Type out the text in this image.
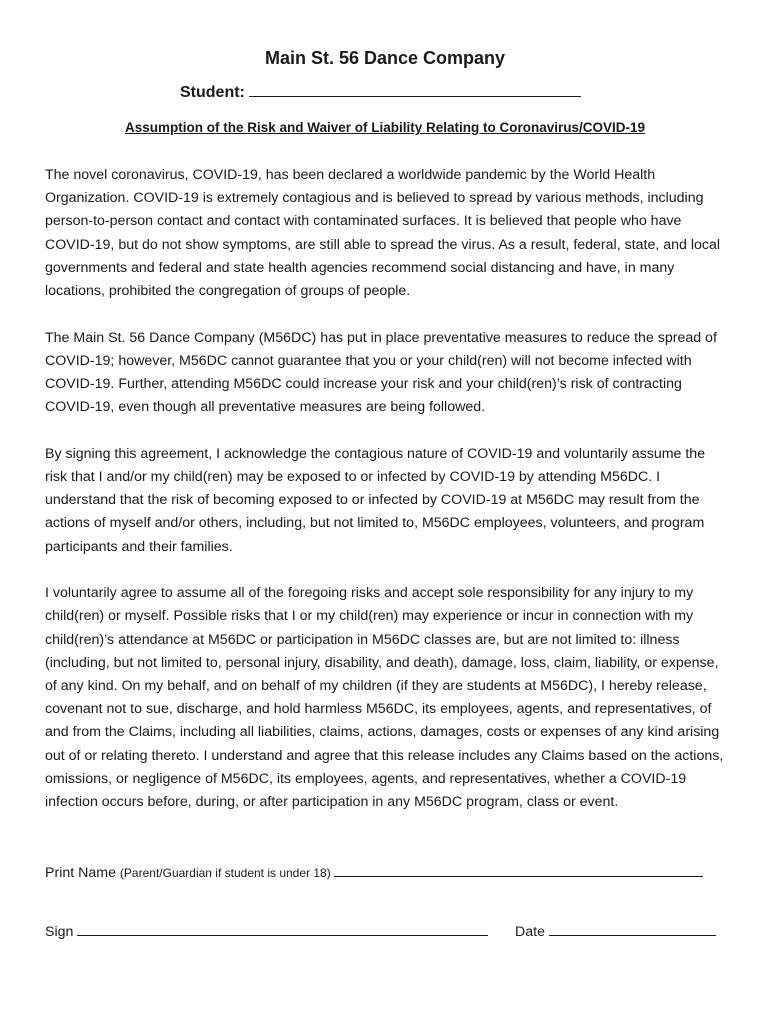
Main St. 56 Dance Company
Student:
Assumption of the Risk and Waiver of Liability Relating to Coronavirus/COVID-19

The novel coronavirus, COVID-19, has been declared a worldwide pandemic by the World Health Organization. COVID-19 is extremely contagious and is believed to spread by various methods, including person-to-person contact and contact with contaminated surfaces. It is believed that people who have COVID-19, but do not show symptoms, are still able to spread the virus. As a result, federal, state, and local governments and federal and state health agencies recommend social distancing and have, in many locations, prohibited the congregation of groups of people.

The Main St. 56 Dance Company (M56DC) has put in place preventative measures to reduce the spread of COVID-19; however, M56DC cannot guarantee that you or your child(ren) will not become infected with COVID-19. Further, attending M56DC could increase your risk and your child(ren)’s risk of contracting COVID-19, even though all preventative measures are being followed.

By signing this agreement, I acknowledge the contagious nature of COVID-19 and voluntarily assume the risk that I and/or my child(ren) may be exposed to or infected by COVID-19 by attending M56DC. I understand that the risk of becoming exposed to or infected by COVID-19 at M56DC may result from the actions of myself and/or others, including, but not limited to, M56DC employees, volunteers, and program participants and their families.

I voluntarily agree to assume all of the foregoing risks and accept sole responsibility for any injury to my child(ren) or myself. Possible risks that I or my child(ren) may experience or incur in connection with my child(ren)’s attendance at M56DC or participation in M56DC classes are, but are not limited to: illness (including, but not limited to, personal injury, disability, and death), damage, loss, claim, liability, or expense, of any kind. On my behalf, and on behalf of my children (if they are students at M56DC), I hereby release, covenant not to sue, discharge, and hold harmless M56DC, its employees, agents, and representatives, of and from the Claims, including all liabilities, claims, actions, damages, costs or expenses of any kind arising out of or relating thereto. I understand and agree that this release includes any Claims based on the actions, omissions, or negligence of M56DC, its employees, agents, and representatives, whether a COVID-19 infection occurs before, during, or after participation in any M56DC program, class or event.

Print Name (Parent/Guardian if student is under 18)
Sign	Date
